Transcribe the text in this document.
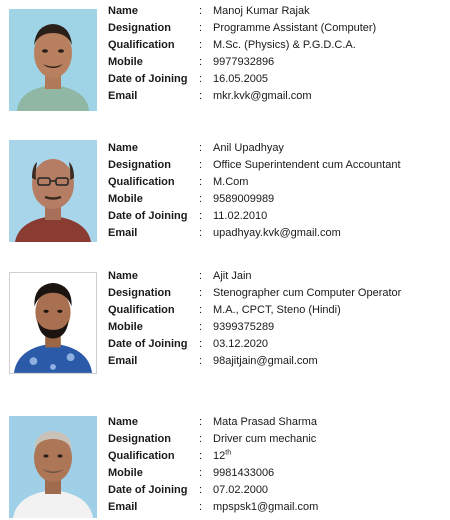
Name	: Manoj Kumar Rajak
Designation	: Programme Assistant (Computer)
Qualification : M.Sc. (Physics) & P.G.D.C.A.
Mobile	: 9977932896
Date of Joining : 16.05.2005
Email	: mkr.kvk@gmail.com
Name	: Anil Upadhyay
Designation	: Office Superintendent cum Accountant
Qualification : M.Com
Mobile	: 9589009989
Date of Joining : 11.02.2010
Email	: upadhyay.kvk@gmail.com
Name	: Ajit Jain
Designation	: Stenographer cum Computer Operator
Qualification : M.A., CPCT, Steno (Hindi)
Mobile	: 9399375289
Date of Joining : 03.12.2020
Email	: 98ajitjain@gmail.com
Name	: Mata Prasad Sharma
Designation	: Driver cum mechanic
Qualification : 12th
Mobile	: 9981433006
Date of Joining : 07.02.2000
Email	: mpspsk1@gmail.com
